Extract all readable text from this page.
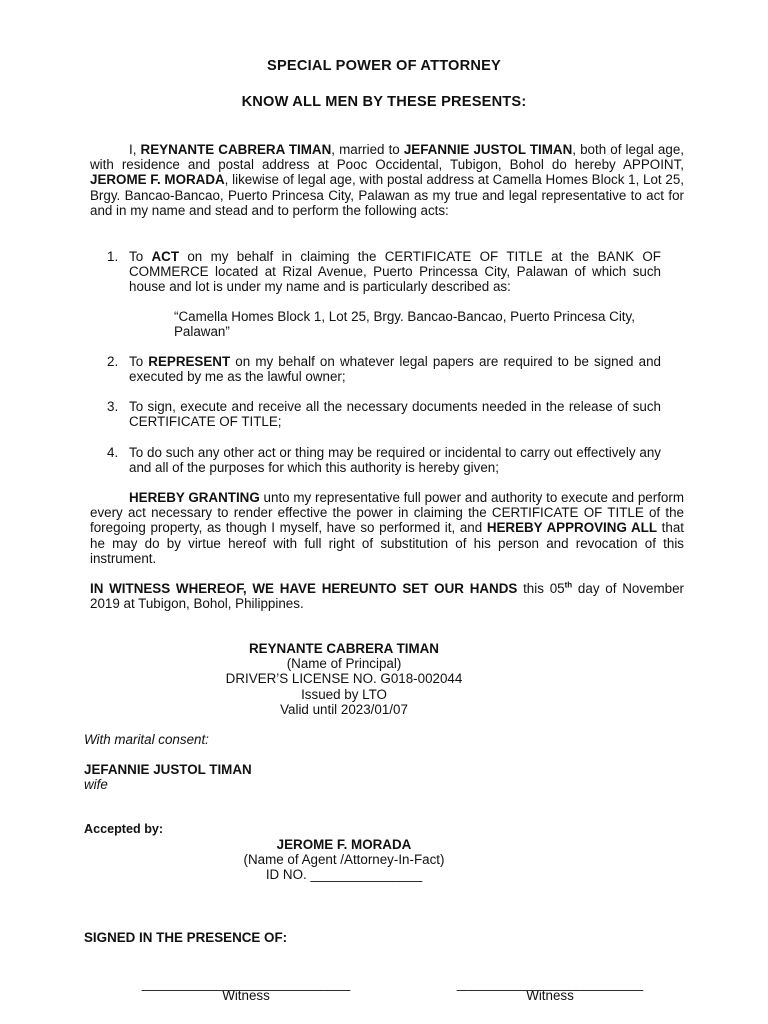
SPECIAL POWER OF ATTORNEY
KNOW ALL MEN BY THESE PRESENTS:
I, REYNANTE CABRERA TIMAN, married to JEFANNIE JUSTOL TIMAN, both of legal age, with residence and postal address at Pooc Occidental, Tubigon, Bohol do hereby APPOINT, JEROME F. MORADA, likewise of legal age, with postal address at Camella Homes Block 1, Lot 25, Brgy. Bancao-Bancao, Puerto Princesa City, Palawan as my true and legal representative to act for and in my name and stead and to perform the following acts:
1. To ACT on my behalf in claiming the CERTIFICATE OF TITLE at the BANK OF COMMERCE located at Rizal Avenue, Puerto Princessa City, Palawan of which such house and lot is under my name and is particularly described as:
2. To REPRESENT on my behalf on whatever legal papers are required to be signed and executed by me as the lawful owner;
3. To sign, execute and receive all the necessary documents needed in the release of such CERTIFICATE OF TITLE;
4. To do such any other act or thing may be required or incidental to carry out effectively any and all of the purposes for which this authority is hereby given;
“Camella Homes Block 1, Lot 25, Brgy. Bancao-Bancao, Puerto Princesa City, Palawan”
HEREBY GRANTING unto my representative full power and authority to execute and perform every act necessary to render effective the power in claiming the CERTIFICATE OF TITLE of the foregoing property, as though I myself, have so performed it, and HEREBY APPROVING ALL that he may do by virtue hereof with full right of substitution of his person and revocation of this instrument.
IN WITNESS WHEREOF, WE HAVE HEREUNTO SET OUR HANDS this 05th day of November 2019 at Tubigon, Bohol, Philippines.
REYNANTE CABRERA TIMAN
(Name of Principal)
DRIVER’S LICENSE NO. G018-002044
Issued by LTO
Valid until 2023/01/07
With marital consent:
JEFANNIE JUSTOL TIMAN
wife
Accepted by:
JEROME F. MORADA
(Name of Agent /Attorney-In-Fact)
ID NO. _______________
SIGNED IN THE PRESENCE OF:
____________________________
Witness
_________________________
Witness
